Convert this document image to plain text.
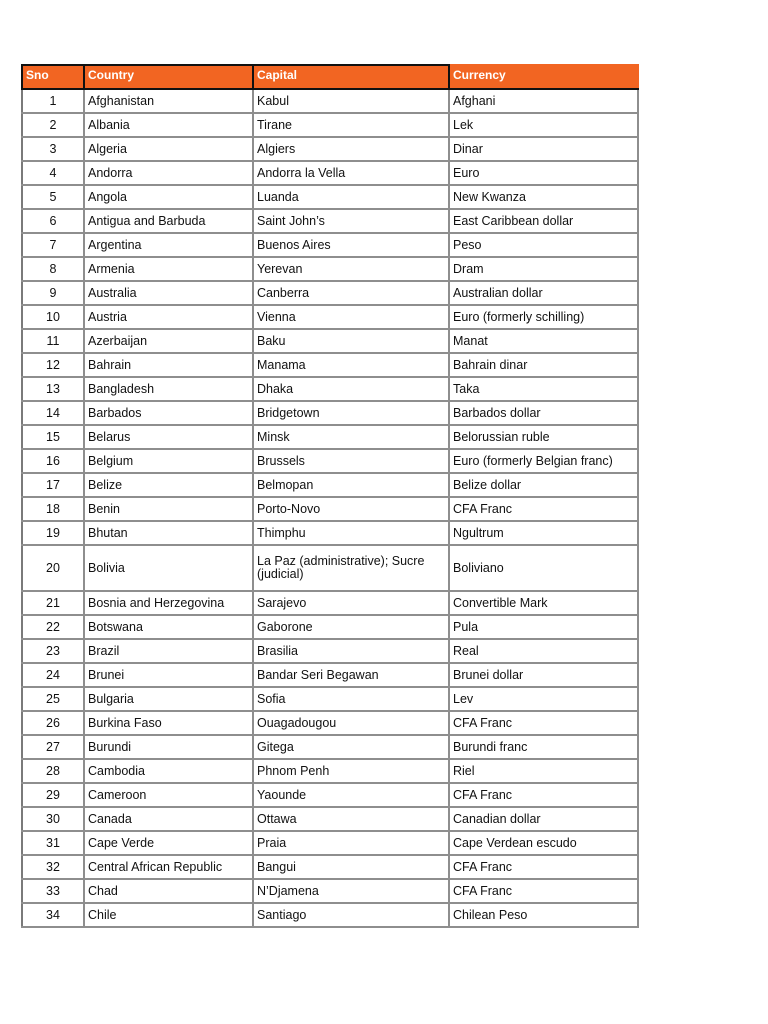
Sno	Country	Capital	Currency
1	Afghanistan	Kabul	Afghani
2	Albania	Tirane	Lek
3	Algeria	Algiers	Dinar
4	Andorra	Andorra la Vella	Euro
5	Angola	Luanda	New Kwanza
6	Antigua and Barbuda	Saint John’s	East Caribbean dollar
7	Argentina	Buenos Aires	Peso
8	Armenia	Yerevan	Dram
9	Australia	Canberra	Australian dollar
10	Austria	Vienna	Euro (formerly schilling)
11	Azerbaijan	Baku	Manat
12	Bahrain	Manama	Bahrain dinar
13	Bangladesh	Dhaka	Taka
14	Barbados	Bridgetown	Barbados dollar
15	Belarus	Minsk	Belorussian ruble
16	Belgium	Brussels	Euro (formerly Belgian franc)
17	Belize	Belmopan	Belize dollar
18	Benin	Porto-Novo	CFA Franc
19	Bhutan	Thimphu	Ngultrum
20	Bolivia	La Paz (administrative); Sucre (judicial)	Boliviano
21	Bosnia and Herzegovina	Sarajevo	Convertible Mark
22	Botswana	Gaborone	Pula
23	Brazil	Brasilia	Real
24	Brunei	Bandar Seri Begawan	Brunei dollar
25	Bulgaria	Sofia	Lev
26	Burkina Faso	Ouagadougou	CFA Franc
27	Burundi	Gitega	Burundi franc
28	Cambodia	Phnom Penh	Riel
29	Cameroon	Yaounde	CFA Franc
30	Canada	Ottawa	Canadian dollar
31	Cape Verde	Praia	Cape Verdean escudo
32	Central African Republic	Bangui	CFA Franc
33	Chad	N’Djamena	CFA Franc
34	Chile	Santiago	Chilean Peso
